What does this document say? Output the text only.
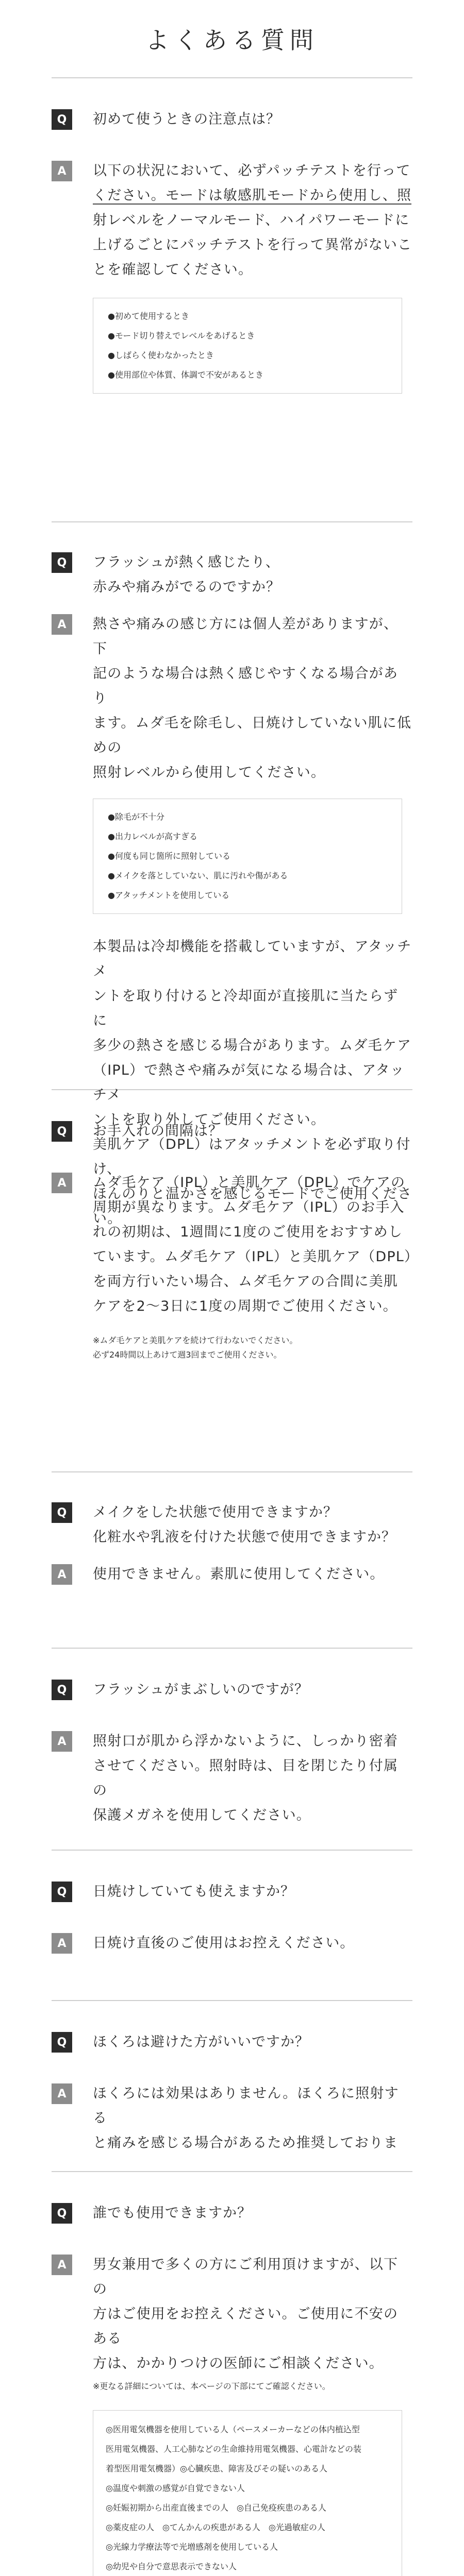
よくある質問
Q	初めて使うときの注意点は？
A	以下の状況において、必ずパッチテストを行って
ください。モードは敏感肌モードから使用し、照
射レベルをノーマルモード、ハイパワーモードに
上げるごとにパッチテストを行って異常がないこ
とを確認してください。
●初めて使用するとき
●モード切り替えでレベルをあげるとき
●しばらく使わなかったとき
●使用部位や体質、体調で不安があるとき
Q	フラッシュが熱く感じたり、
赤みや痛みがでるのですか？
A	熱さや痛みの感じ方には個人差がありますが、下
記のような場合は熱く感じやすくなる場合があり
ます。ムダ毛を除毛し、日焼けしていない肌に低めの
照射レベルから使用してください。
●除毛が不十分
●出力レベルが高すぎる
●何度も同じ箇所に照射している
●メイクを落としていない、肌に汚れや傷がある
●アタッチメントを使用している
本製品は冷却機能を搭載していますが、アタッチメ
ントを取り付けると冷却面が直接肌に当たらずに
多少の熱さを感じる場合があります。ムダ毛ケア
（IPL）で熱さや痛みが気になる場合は、アタッチメ
ントを取り外してご使用ください。
美肌ケア（DPL）はアタッチメントを必ず取り付け、
ほんのりと温かさを感じるモードでご使用ください。
Q	お手入れの間隔は？
A	ムダ毛ケア（IPL）と美肌ケア（DPL）でケアの
周期が異なります。ムダ毛ケア（IPL）のお手入
れの初期は、1週間に1度のご使用をおすすめし
ています。ムダ毛ケア（IPL）と美肌ケア（DPL）
を両方行いたい場合、ムダ毛ケアの合間に美肌
ケアを2〜3日に1度の周期でご使用ください。
※ムダ毛ケアと美肌ケアを続けて行わないでください。
必ず24時間以上あけて週3回までご使用ください。
Q	メイクをした状態で使用できますか？
化粧水や乳液を付けた状態で使用できますか？
A	使用できません。素肌に使用してください。
Q	フラッシュがまぶしいのですが？
A	照射口が肌から浮かないように、しっかり密着
させてください。照射時は、目を閉じたり付属の
保護メガネを使用してください。
Q	日焼けしていても使えますか？
A	日焼け直後のご使用はお控えください。
Q	ほくろは避けた方がいいですか？
A	ほくろには効果はありません。ほくろに照射する
と痛みを感じる場合があるため推奨しておりま
Q	誰でも使用できますか？
A	男女兼用で多くの方にご利用頂けますが、以下の
方はご使用をお控えください。ご使用に不安のある
方は、かかりつけの医師にご相談ください。
※更なる詳細については、本ページの下部にてご確認ください。
◎医用電気機器を使用している人（ペースメーカーなどの体内植込型
医用電気機器、人工心肺などの生命維持用電気機器、心電計などの装
着型医用電気機器）◎心臓疾患、障害及びその疑いのある人
◎温度や刺激の感覚が自覚できない人
◎妊娠初期から出産直後までの人　◎自己免疫疾患のある人
◎薬皮症の人　◎てんかんの疾患がある人　◎光過敏症の人
◎光線力学療法等で光増感剤を使用している人
◎幼児や自分で意思表示できない人
